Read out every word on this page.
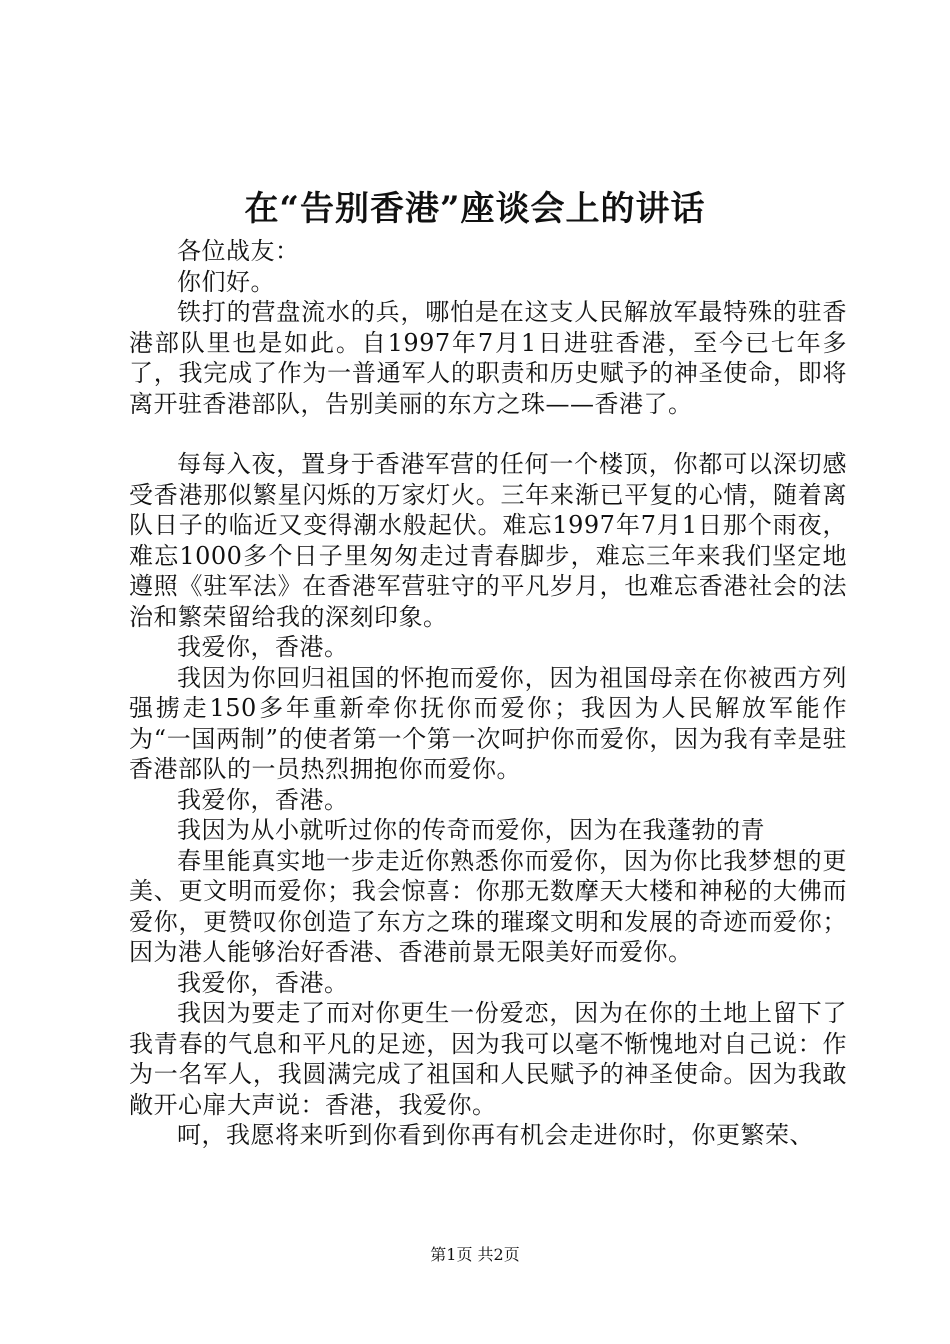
在“告别香港”座谈会上的讲话

各位战友：

你们好。

铁打的营盘流水的兵，哪怕是在这支人民解放军最特殊的驻香港部队里也是如此。自1997年7月1日进驻香港，至今已七年多了，我完成了作为一普通军人的职责和历史赋予的神圣使命，即将离开驻香港部队，告别美丽的东方之珠——香港了。

每每入夜，置身于香港军营的任何一个楼顶，你都可以深切感受香港那似繁星闪烁的万家灯火。三年来渐已平复的心情，随着离队日子的临近又变得潮水般起伏。难忘1997年7月1日那个雨夜，难忘1000多个日子里匆匆走过青春脚步，难忘三年来我们坚定地遵照《驻军法》在香港军营驻守的平凡岁月，也难忘香港社会的法治和繁荣留给我的深刻印象。

我爱你，香港。

我因为你回归祖国的怀抱而爱你，因为祖国母亲在你被西方列强掳走150多年重新牵你抚你而爱你；我因为人民解放军能作为“一国两制”的使者第一个第一次呵护你而爱你，因为我有幸是驻香港部队的一员热烈拥抱你而爱你。

我爱你，香港。

我因为从小就听过你的传奇而爱你，因为在我蓬勃的青

春里能真实地一步走近你熟悉你而爱你，因为你比我梦想的更美、更文明而爱你；我会惊喜：你那无数摩天大楼和神秘的大佛而爱你，更赞叹你创造了东方之珠的璀璨文明和发展的奇迹而爱你；因为港人能够治好香港、香港前景无限美好而爱你。

我爱你，香港。

我因为要走了而对你更生一份爱恋，因为在你的土地上留下了我青春的气息和平凡的足迹，因为我可以毫不惭愧地对自己说：作为一名军人，我圆满完成了祖国和人民赋予的神圣使命。因为我敢敞开心扉大声说：香港，我爱你。

呵，我愿将来听到你看到你再有机会走进你时，你更繁荣、

第1页 共2页
